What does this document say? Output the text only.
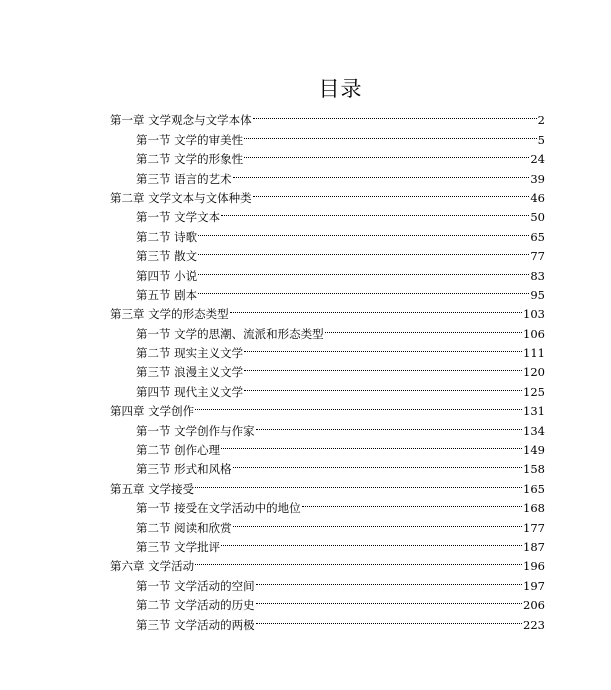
目录
第一章 文学观念与文学本体	2
第一节 文学的审美性	5
第二节 文学的形象性	24
第三节 语言的艺术	39
第二章 文学文本与文体种类	46
第一节 文学文本	50
第二节 诗歌	65
第三节 散文	77
第四节 小说	83
第五节 剧本	95
第三章 文学的形态类型	103
第一节 文学的思潮、流派和形态类型	106
第二节 现实主义文学	111
第三节 浪漫主义文学	120
第四节 现代主义文学	125
第四章 文学创作	131
第一节 文学创作与作家	134
第二节 创作心理	149
第三节 形式和风格	158
第五章 文学接受	165
第一节 接受在文学活动中的地位	168
第二节 阅读和欣赏	177
第三节 文学批评	187
第六章 文学活动	196
第一节 文学活动的空间	197
第二节 文学活动的历史	206
第三节 文学活动的两极	223
